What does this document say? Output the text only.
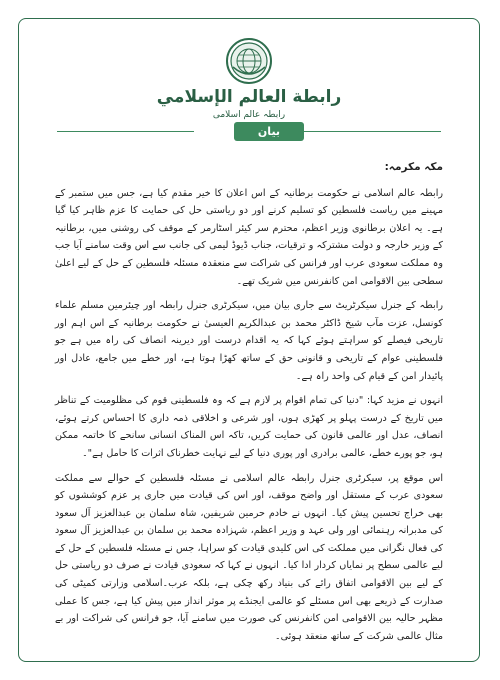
رابطة العالم الإسلامي
رابطہ عالم اسلامی
بیان

مکہ مکرمہ:

رابطہ عالم اسلامی نے حکومت برطانیہ کے اس اعلان کا خیر مقدم کیا ہے، جس میں ستمبر کے مہینے میں ریاست فلسطین کو تسلیم کرنے اور دو ریاستی حل کی حمایت کا عزم ظاہر کیا گیا ہے۔ یہ اعلان برطانوی وزیر اعظم، محترم سر کیئر اسٹارمر کے موقف کی روشنی میں، برطانیہ کے وزیر خارجہ و دولت مشترکہ و ترقیات، جناب ڈیوڈ لیمی کی جانب سے اس وقت سامنے آیا جب وہ مملکت سعودی عرب اور فرانس کی شراکت سے منعقدہ مسئلہ فلسطین کے حل کے لیے اعلیٰ سطحی بین الاقوامی امن کانفرنس میں شریک تھے۔

رابطہ کے جنرل سیکرٹریٹ سے جاری بیان میں، سیکرٹری جنرل رابطہ اور چیئرمین مسلم علماء کونسل، عزت مآب شیخ ڈاکٹر محمد بن عبدالکریم العیسیٰ نے حکومت برطانیہ کے اس اہم اور تاریخی فیصلے کو سراہتے ہوئے کہا کہ یہ اقدام درست اور دیرینہ انصاف کی راہ میں ہے جو فلسطینی عوام کے تاریخی و قانونی حق کے ساتھ کھڑا ہوتا ہے، اور خطے میں جامع، عادل اور پائیدار امن کے قیام کی واحد راہ ہے۔

انہوں نے مزید کہا: "دنیا کی تمام اقوام پر لازم ہے کہ وہ فلسطینی قوم کی مظلومیت کے تناظر میں تاریخ کے درست پہلو پر کھڑی ہوں، اور شرعی و اخلاقی ذمہ داری کا احساس کرتے ہوئے، انصاف، عدل اور عالمی قانون کی حمایت کریں، تاکہ اس المناک انسانی سانحے کا خاتمہ ممکن ہو، جو پورے خطے، عالمی برادری اور پوری دنیا کے لیے نہایت خطرناک اثرات کا حامل ہے"۔

اس موقع پر، سیکرٹری جنرل رابطہ عالم اسلامی نے مسئلہ فلسطین کے حوالے سے مملکت سعودی عرب کے مستقل اور واضح موقف، اور اس کی قیادت میں جاری پر عزم کوششوں کو بھی خراج تحسین پیش کیا۔ انہوں نے خادم حرمین شریفین، شاہ سلمان بن عبدالعزیز آل سعود کی مدبرانہ رہنمائی اور ولی عہد و وزیر اعظم، شہزادہ محمد بن سلمان بن عبدالعزیز آل سعود کی فعال نگرانی میں مملکت کی اس کلیدی قیادت کو سراہا، جس نے مسئلہ فلسطین کے حل کے لیے عالمی سطح پر نمایاں کردار ادا کیا۔ انہوں نے کہا کہ سعودی قیادت نے صرف دو ریاستی حل کے لیے بین الاقوامی اتفاق رائے کی بنیاد رکھ چکی ہے، بلکہ عرب۔اسلامی وزارتی کمیٹی کی صدارت کے ذریعے بھی اس مسئلے کو عالمی ایجنڈے پر موثر انداز میں پیش کیا ہے، جس کا عملی مظہر حالیہ بین الاقوامی امن کانفرنس کی صورت میں سامنے آیا، جو فرانس کی شراکت اور بے مثال عالمی شرکت کے ساتھ منعقد ہوئی۔
